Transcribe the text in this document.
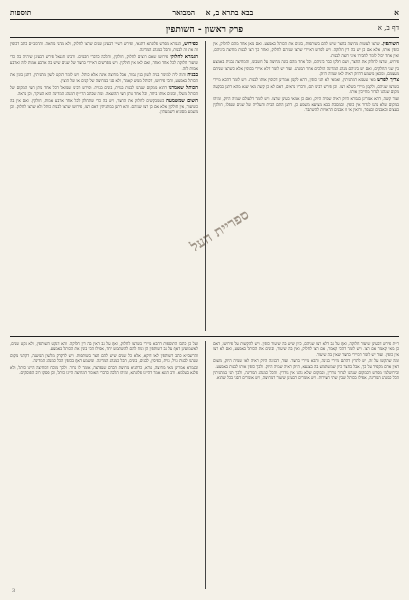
א
בבא בתרא ב, א    המבואר
תוספות
דף ב, א
פרק ראשון - השותפין

השותפין. שרצו לעשות מחיצה בחצר שיש להם בשותפות, בונים את הכותל באמצע. ואם מאן אחד מהם לחלוק, אין כופין אותו, אלא אם כן יש בה דין חלוקה. ויש לפרש דאיירי שרצו שניהם לחלוק, ואחר כך רצו לבנות מחיצה ביניהם, ואין אחד יכול לומר לחבירו איני רוצה לבנות.

פירוש, שרצו לחלוק את החצר, ושם חלקו כבר ביניהם, וכל אחד מהם בונה מחיצה על חשבונו, והמחיצה נבנית באמצע בין שני החלקים, ואם יש ביניהם מנהג המדינה הולכים אחר המנהג. ועוד יש לומר דלא איירי בכופין אלא כשרצו שניהם מעצמם, ומכאן משמע דהיזק ראיה לאו שמיה היזק.

צריך לפרש מאי טעמא דמתניתין, ואמאי לא תני כופין, דהא לקמן אמרינן דכופין אותו לבנות. ויש לומר דהכא מיירי בשרצו שניהם, ולקמן מיירי בשלא רצו. וכן פירש רבינו תם, ודבריו נראים, דאם לא כן קשה מאי שנא מהא דתנן בבקעה מקום שנהגו לגדור מחייבין אותו.

ועוד קשה, דהא אמרינן בגמרא היזק ראיה שמיה היזק, ואם כן אמאי בעינן שרצו. ויש לומר דלעולם שמיה היזק, ומיהו במקום שלא נהגו לגדור אין כופין. ובמסכת בבא מציעא משמע כן, דתנן התם הבית והעלייה של שנים שנפלו, חולקין בעצים ובאבנים ובעפר, ורואין אי זו אבנים הראויות להשתבר.

כפירוש, הגמרא מפרש פלוגתא דתנאי, ופירש רש"י דבעינן שנים שרצו לחלוק, ולא מהני מחאה. והרמב"ם כתב דכופין זה את זה לבנות, והכל כמנהג המדינה.

הגמרא לחלוק׳ פירושו שאם רוצים לחלוק, חולקין, והלכה כדברי חכמים. ורבינו חננאל פירש דבעינן שיהיה בה כדי שיעור חלוקה לכל אחד ואחד, ואם לאו אין חולקין. ויש מפרשים דאיירי בחצר של שנים שיש בה ארבע אמות לזה וארבע אמות לזה.

בבניה והוה ליה למימר בניה לשון בנין גמור, אבל מחיצה אינה אלא כותל. ויש לומר דנקט לשון מתניתין, דתנן בונין את הכותל באמצע, והכי פירושו, דכותל ממש קאמר, ולא סגי במחיצה של קנים או של הוצין.

הכותל שאמרנו דהוא ממקום שנהגו לבנות בגזית, בונים בגזית. ופירש רבינו שמואל דכל אחד נותן חצי המקום של הכותל משלו, ובונים אותו ביחד, וכל אחד נותן חצי ההוצאה. ומה שכתב הרי"ף דמנהג המדינה הוא העיקר, וכן נראה.

השום שמשמעה כשמבקשים לחלוק את החצר, ויש בה כדי שתחלק לכל אחד ארבע אמות, חולקין. ואם אין בה כשיעור, אין חולקין אלא אם כן רצו שניהם. והא דתנן במתניתין דאם רצו, פירושו שרצו לבנות כותל ולא שרצו לחלוק. וכן משמע מסוגיא דשמעתין.

ר"ת פירש דבעינן שיעור חלוקה, ואף על גב דלא רצו שניהם, כיון שיש בה שיעור כופין. ויש להקשות על פירושו, דאם כן מאי קאמר אם רצו. ויש לומר דהכי קאמר, אם רצו לחלוק, ואין בה שיעור, ובונים את הכותל באמצע, ואם לא רצו אין כופין. ועוד יש לומר דמיירי בחצר שאין בה שיעור.

ומה שהקשו על זה, יש לתרץ דהתם מיירי בגינה, והכא מיירי בחצר. ועוד, דבגינה היזק ראיה לאו שמיה היזק, משום דאין אדם מקפיד על כך, אבל בחצר כיון שמשתמש בה בצנעא, היזק ראיה שמיה היזק. ולכך כופין אותו לבנות באמצע.

ובירושלמי מפרש דבמקום שנהגו לגדור גודרין, ובמקום שלא נהגו אין גודרין. והכל כמנהג המדינה, ולכך תני במתניתין הכל כמנהג המדינה, אפילו בכותל שבין שתי חצירות. ויש אומרים דבעינן שיעור דמחיצה, ויש אומרים דסגי בכל שהוא.

ועל כן כתבו התוספות דהכא מיירי בשרצו לחלוק, ואף על גב דאין בה דין חלוקה. והא דנקט השותפין, ולא נקט שנים, לאשמועינן דאף על גב דשותפין הן ונוח להם להשתמש יחד, אפילו הכי בונין את הכותל באמצע.

והרשב"א כתב דשותפין לאו דוקא, אלא כל שנים שיש להם חצר בשותפות. ויש לדקדק מלשון המשנה, דקתני מקום שנהגו לבנות גויל, גזית, כפיסין, לבנים, בונים, הכל כמנהג המדינה. ומשמע דאף בכופין הכל כמנהג המדינה.

ובגמרא אמרינן מאי מחיצה, גודא, כדתניא מחיצת הכרם שנפרצה, אומר לו גדור. ולכך מוכח דמחיצה היינו כותל, ולא פלגא בעלמא. ורב הונא אמר דהיינו פלוגתא, ומיהו הלכה כדברי האומר דמחיצה היינו כותל, וכן פסקו רוב הפוסקים.

ספריית העל
3
